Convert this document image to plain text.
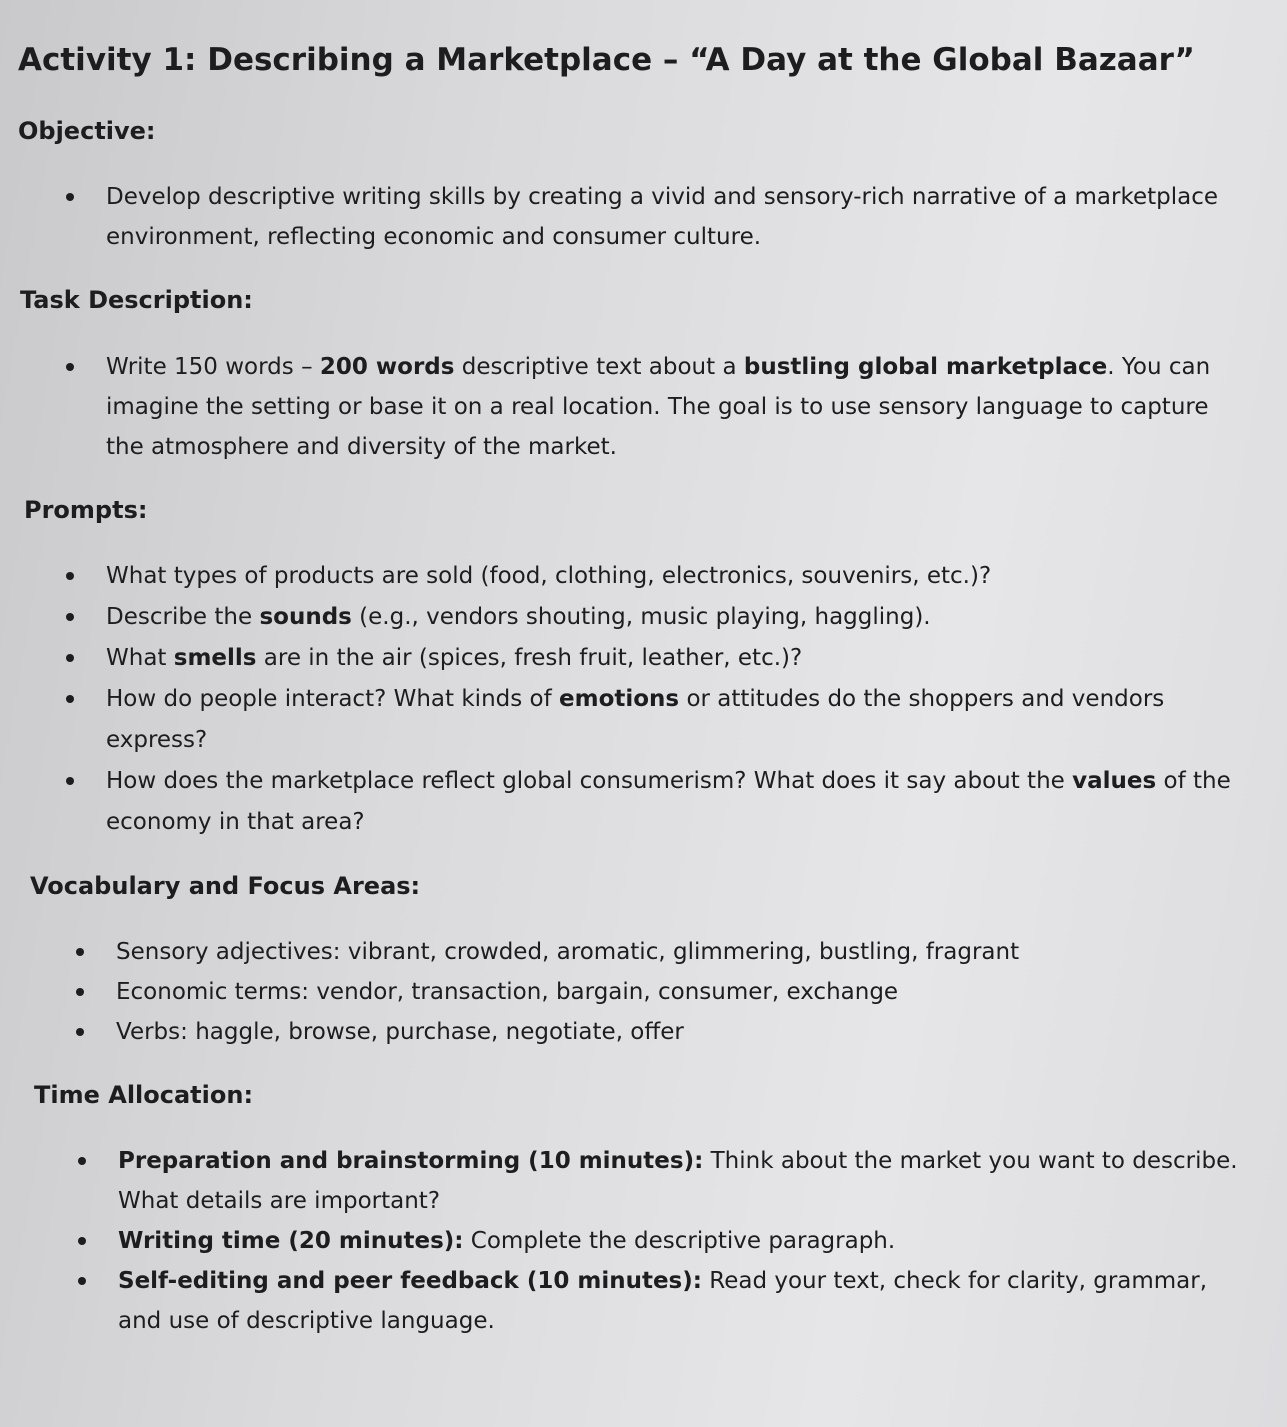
Activity 1: Describing a Marketplace – “A Day at the Global Bazaar”
Objective:
Develop descriptive writing skills by creating a vivid and sensory-rich narrative of a marketplace environment, reflecting economic and consumer culture.
Task Description:
Write 150 words – 200 words descriptive text about a bustling global marketplace. You can imagine the setting or base it on a real location. The goal is to use sensory language to capture the atmosphere and diversity of the market.
Prompts:
What types of products are sold (food, clothing, electronics, souvenirs, etc.)?
Describe the sounds (e.g., vendors shouting, music playing, haggling).
What smells are in the air (spices, fresh fruit, leather, etc.)?
How do people interact? What kinds of emotions or attitudes do the shoppers and vendors express?
How does the marketplace reflect global consumerism? What does it say about the values of the economy in that area?
Vocabulary and Focus Areas:
Sensory adjectives: vibrant, crowded, aromatic, glimmering, bustling, fragrant
Economic terms: vendor, transaction, bargain, consumer, exchange
Verbs: haggle, browse, purchase, negotiate, offer
Time Allocation:
Preparation and brainstorming (10 minutes): Think about the market you want to describe. What details are important?
Writing time (20 minutes): Complete the descriptive paragraph.
Self-editing and peer feedback (10 minutes): Read your text, check for clarity, grammar, and use of descriptive language.
